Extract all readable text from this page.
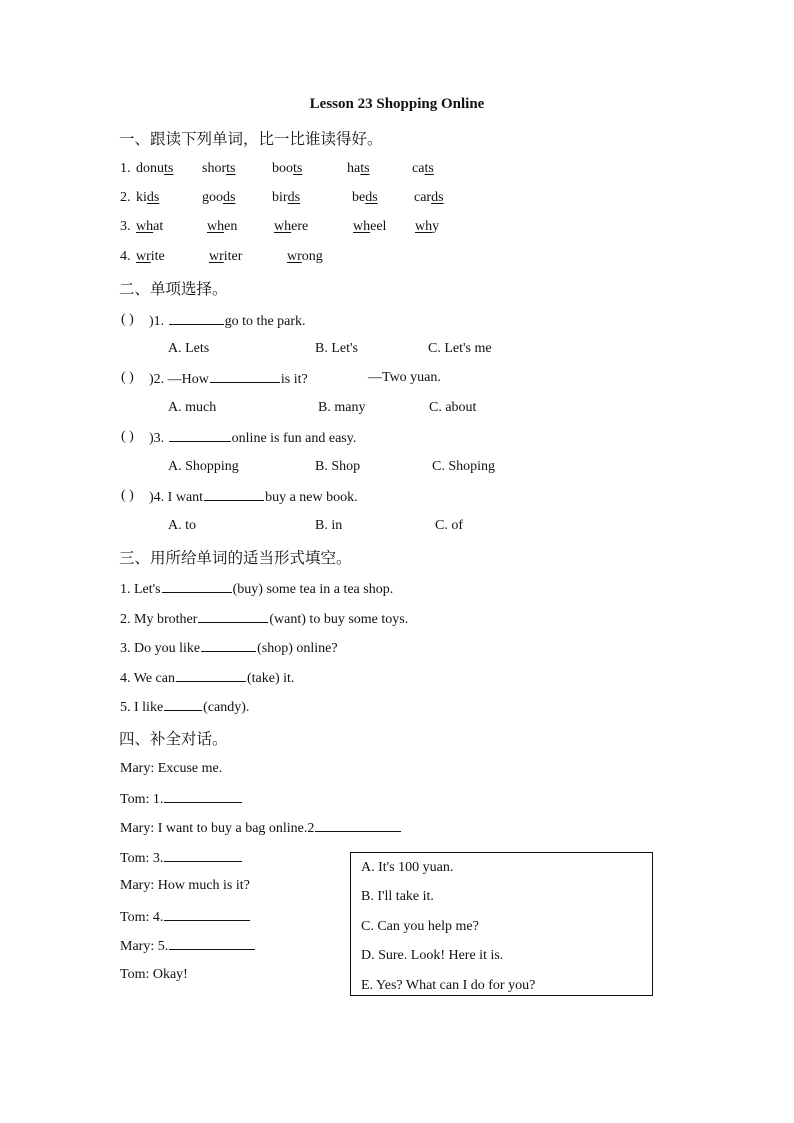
Lesson 23 Shopping Online
一、跟读下列单词，比一比谁读得好。
1. donuts shorts	boots	hats	cats
2. kids	goods	birds	beds	cards
3. what	when	where	wheel why
4. write	writer	wrong
二、单项选择。
( ) )1.	go to the park.
A. Lets	B. Let's	C. Let's me
( ) )2. —How	is it?	—Two yuan.
A. much	B. many	C. about
( ) )3.	online is fun and easy.
A. Shopping	B. Shop	C. Shoping
( ) )4. I want	buy a new book.
A. to	B. in	C. of
三、用所给单词的适当形式填空。
1. Let's	(buy) some tea in a tea shop.
2. My brother	(want) to buy some toys.
3. Do you like	(shop) online?
4. We can	(take) it.
5. I like	(candy).
四、补全对话。
Mary: Excuse me.
Tom: 1.
Mary: I want to buy a bag online.2
Tom: 3.
Mary: How much is it?
Tom: 4.
Mary: 5.
Tom: Okay!
A. It's 100 yuan.
B. I'll take it.
C. Can you help me?
D. Sure. Look! Here it is.
E. Yes? What can I do for you?
